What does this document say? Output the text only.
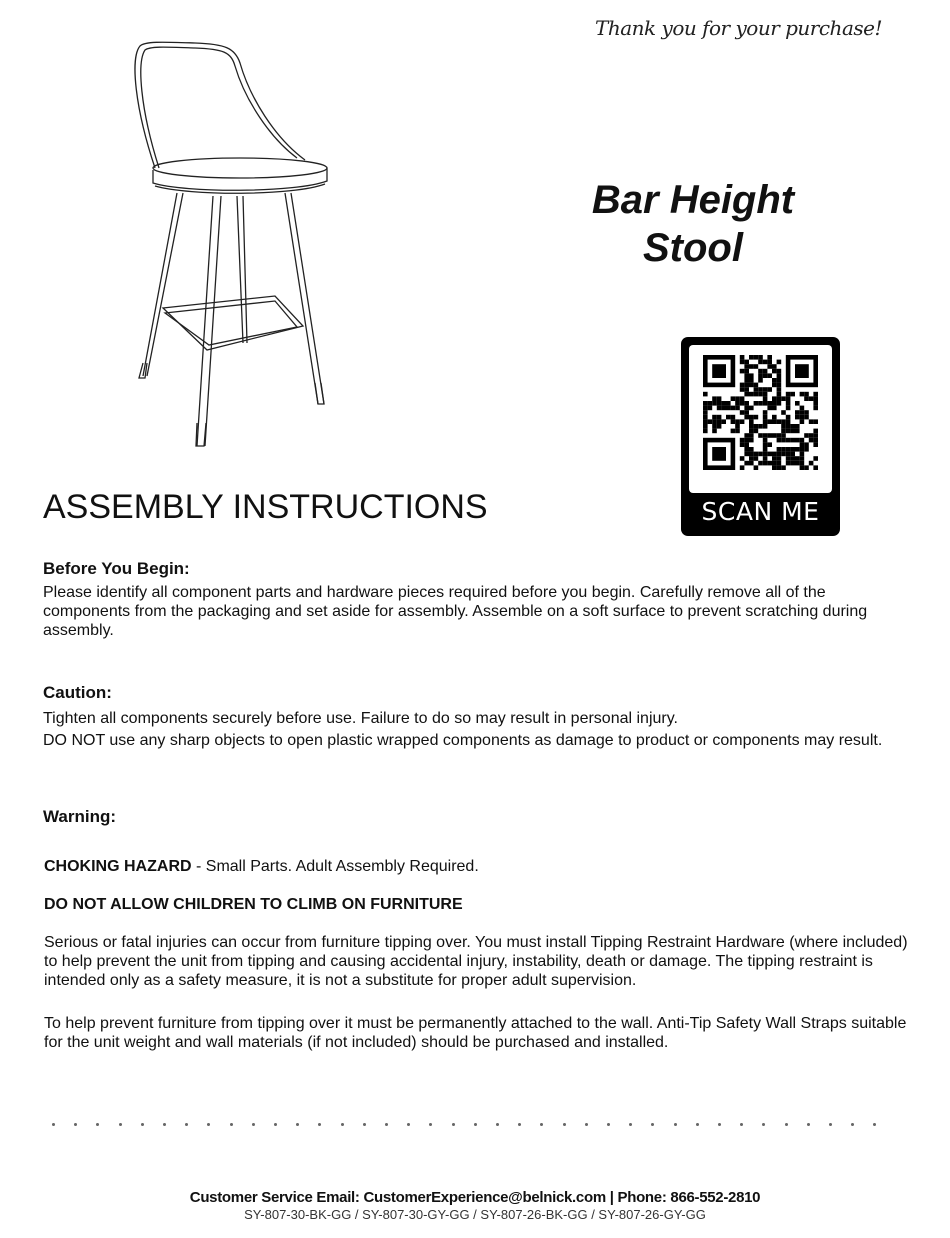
Thank you for your purchase!
Bar Height
Stool
SCAN ME
ASSEMBLY INSTRUCTIONS
Before You Begin:
Please identify all component parts and hardware pieces required before you begin. Carefully remove all of the components from the packaging and set aside for assembly. Assemble on a soft surface to prevent scratching during assembly.
Caution:
Tighten all components securely before use. Failure to do so may result in personal injury.
DO NOT use any sharp objects to open plastic wrapped components as damage to product or components may result.
Warning:
CHOKING HAZARD - Small Parts. Adult Assembly Required.
DO NOT ALLOW CHILDREN TO CLIMB ON FURNITURE
Serious or fatal injuries can occur from furniture tipping over. You must install Tipping Restraint Hardware (where included) to help prevent the unit from tipping and causing accidental injury, instability, death or damage. The tipping restraint is intended only as a safety measure, it is not a substitute for proper adult supervision.
To help prevent furniture from tipping over it must be permanently attached to the wall. Anti-Tip Safety Wall Straps suitable for the unit weight and wall materials (if not included) should be purchased and installed.
Customer Service Email: CustomerExperience@belnick.com | Phone: 866-552-2810
SY-807-30-BK-GG / SY-807-30-GY-GG / SY-807-26-BK-GG / SY-807-26-GY-GG
